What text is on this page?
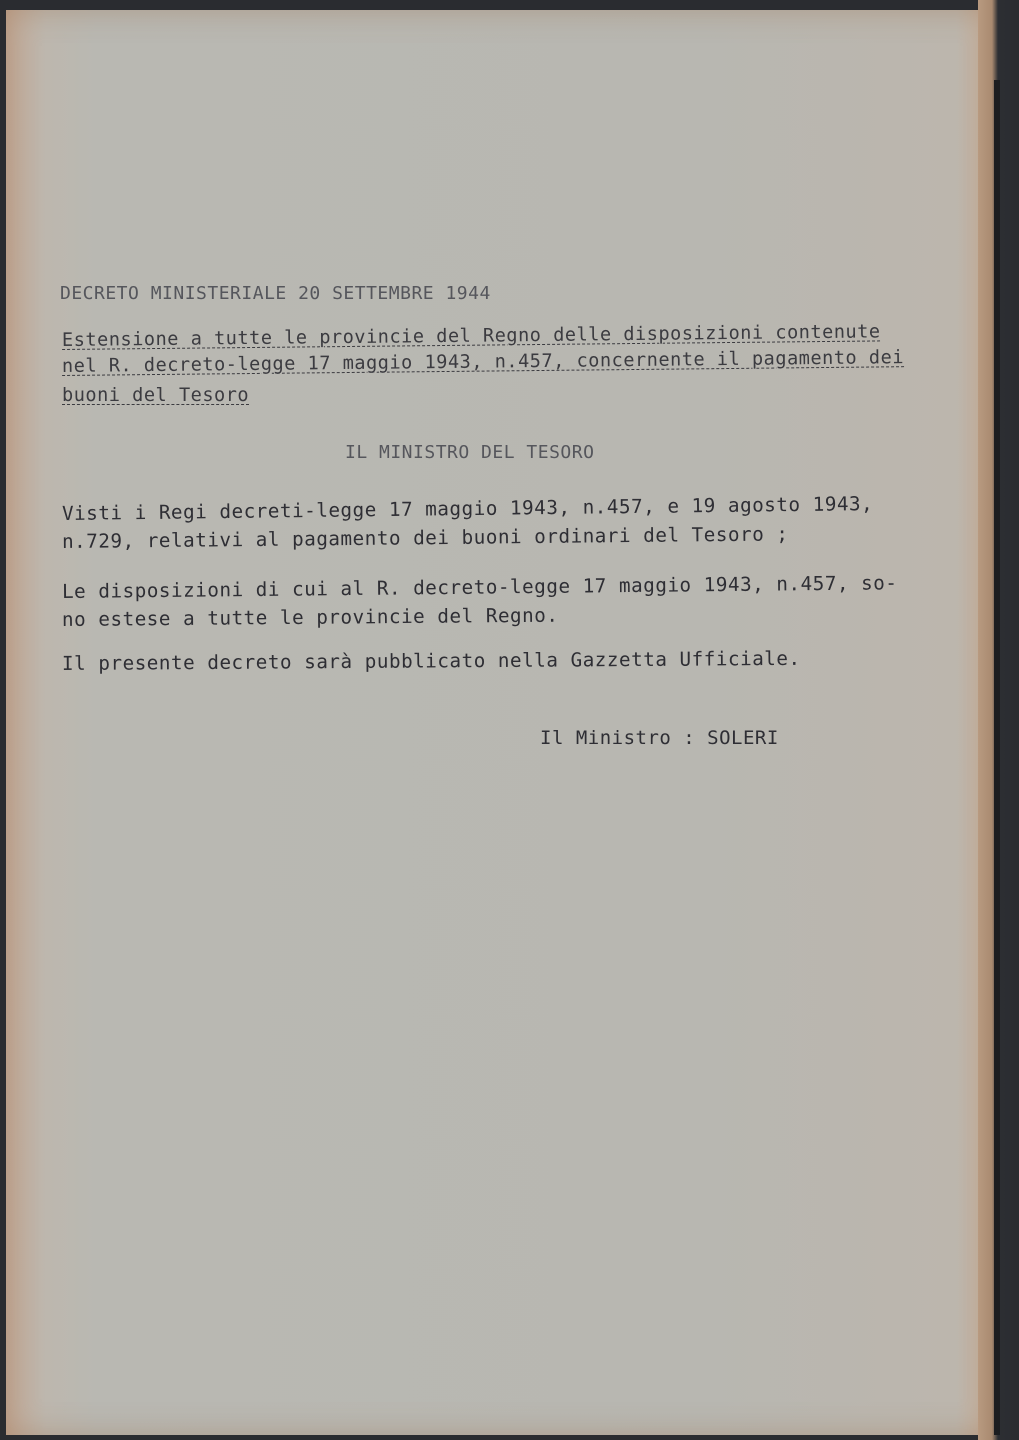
DECRETO MINISTERIALE 20 SETTEMBRE 1944
Estensione a tutte le provincie del Regno delle disposizioni contenute
nel R. decreto-legge 17 maggio 1943, n.457, concernente il pagamento dei
buoni del Tesoro
IL MINISTRO DEL TESORO
Visti i Regi decreti-legge 17 maggio 1943, n.457, e 19 agosto 1943,
n.729, relativi al pagamento dei buoni ordinari del Tesoro ;
Le disposizioni di cui al R. decreto-legge 17 maggio 1943, n.457, so-
no estese a tutte le provincie del Regno.
Il presente decreto sarà pubblicato nella Gazzetta Ufficiale.
Il Ministro : SOLERI
